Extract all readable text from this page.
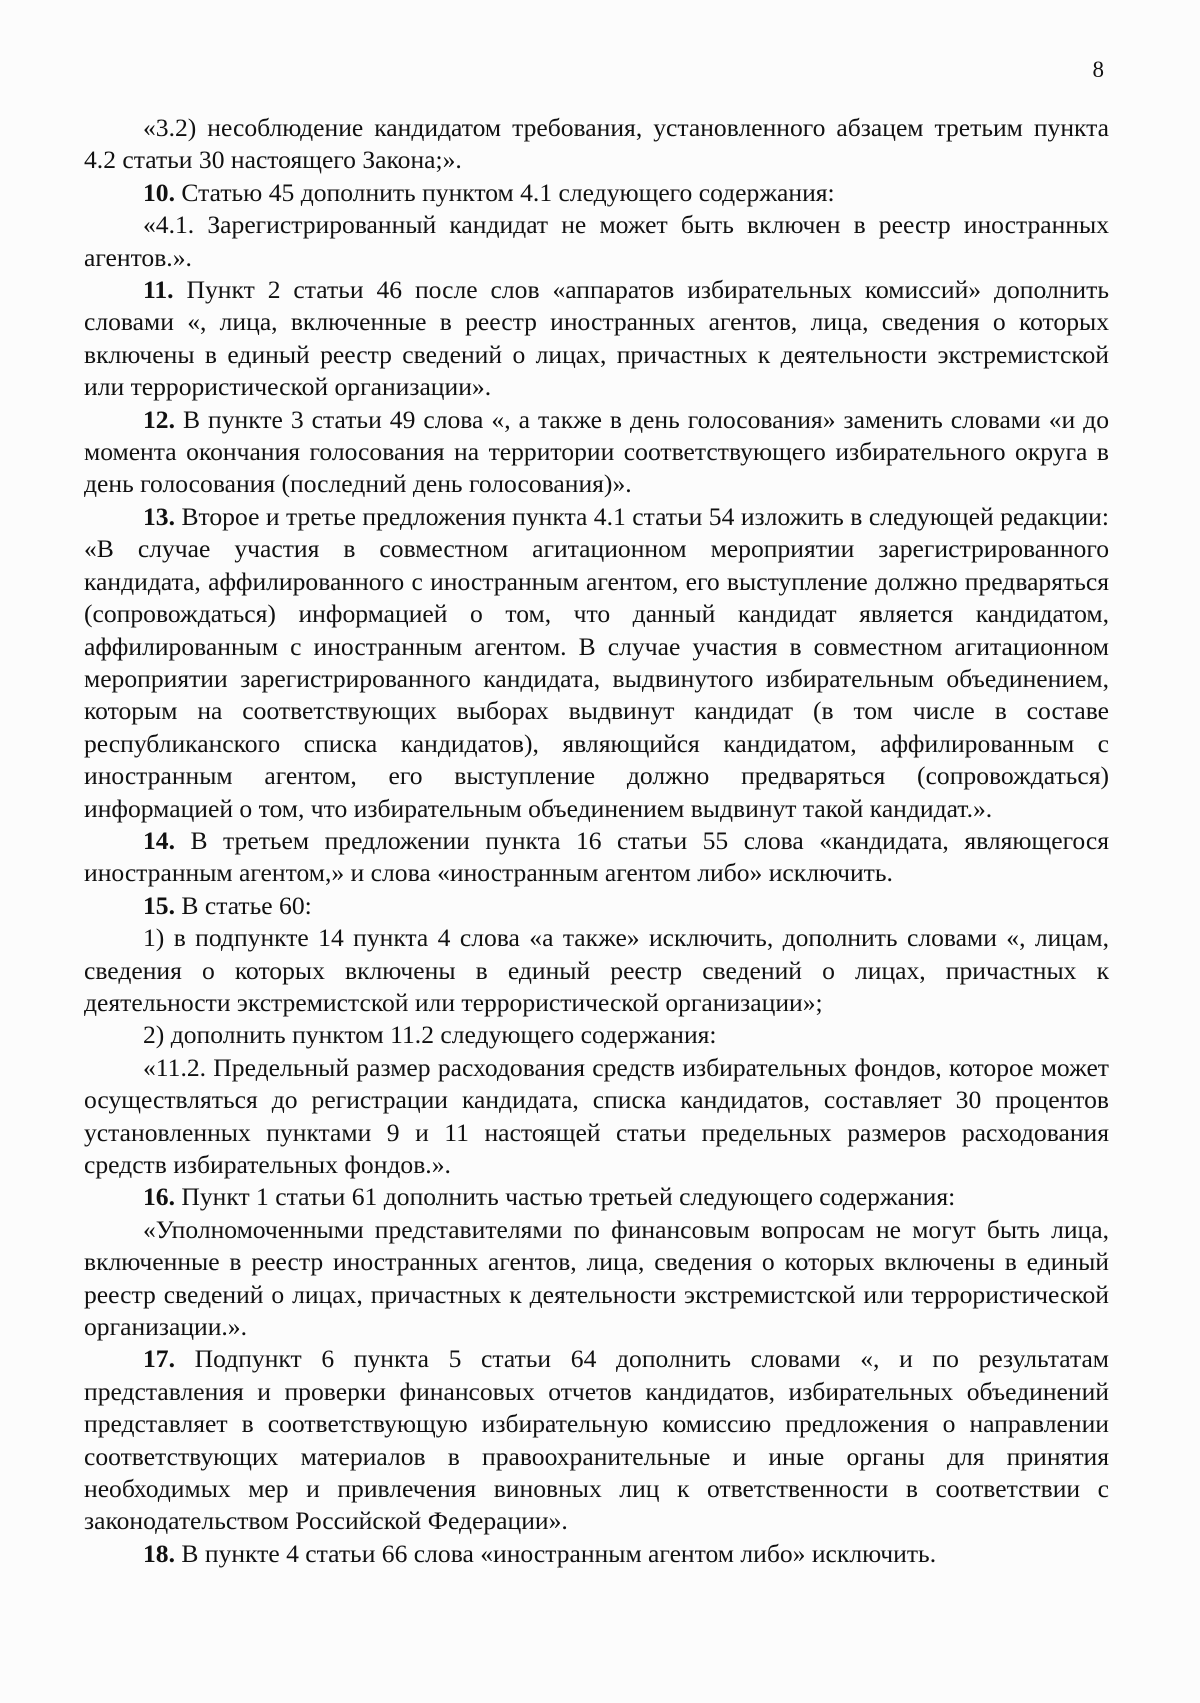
8

«3.2) несоблюдение кандидатом требования, установленного абзацем третьим пункта 4.2 статьи 30 настоящего Закона;».

10. Статью 45 дополнить пунктом 4.1 следующего содержания:

«4.1. Зарегистрированный кандидат не может быть включен в реестр иностранных агентов.».

11. Пункт 2 статьи 46 после слов «аппаратов избирательных комиссий» дополнить словами «, лица, включенные в реестр иностранных агентов, лица, сведения о которых включены в единый реестр сведений о лицах, причастных к деятельности экстремистской или террористической организации».

12. В пункте 3 статьи 49 слова «, а также в день голосования» заменить словами «и до момента окончания голосования на территории соответствующего избирательного округа в день голосования (последний день голосования)».

13. Второе и третье предложения пункта 4.1 статьи 54 изложить в следующей редакции: «В случае участия в совместном агитационном мероприятии зарегистрированного кандидата, аффилированного с иностранным агентом, его выступление должно предваряться (сопровождаться) информацией о том, что данный кандидат является кандидатом, аффилированным с иностранным агентом. В случае участия в совместном агитационном мероприятии зарегистрированного кандидата, выдвинутого избирательным объединением, которым на соответствующих выборах выдвинут кандидат (в том числе в составе республиканского списка кандидатов), являющийся кандидатом, аффилированным с иностранным агентом, его выступление должно предваряться (сопровождаться) информацией о том, что избирательным объединением выдвинут такой кандидат.».

14. В третьем предложении пункта 16 статьи 55 слова «кандидата, являющегося иностранным агентом,» и слова «иностранным агентом либо» исключить.

15. В статье 60:

1) в подпункте 14 пункта 4 слова «а также» исключить, дополнить словами «, лицам, сведения о которых включены в единый реестр сведений о лицах, причастных к деятельности экстремистской или террористической организации»;

2) дополнить пунктом 11.2 следующего содержания:

«11.2. Предельный размер расходования средств избирательных фондов, которое может осуществляться до регистрации кандидата, списка кандидатов, составляет 30 процентов установленных пунктами 9 и 11 настоящей статьи предельных размеров расходования средств избирательных фондов.».

16. Пункт 1 статьи 61 дополнить частью третьей следующего содержания:

«Уполномоченными представителями по финансовым вопросам не могут быть лица, включенные в реестр иностранных агентов, лица, сведения о которых включены в единый реестр сведений о лицах, причастных к деятельности экстремистской или террористической организации.».

17. Подпункт 6 пункта 5 статьи 64 дополнить словами «, и по результатам представления и проверки финансовых отчетов кандидатов, избирательных объединений представляет в соответствующую избирательную комиссию предложения о направлении соответствующих материалов в правоохранительные и иные органы для принятия необходимых мер и привлечения виновных лиц к ответственности в соответствии с законодательством Российской Федерации».

18. В пункте 4 статьи 66 слова «иностранным агентом либо» исключить.
